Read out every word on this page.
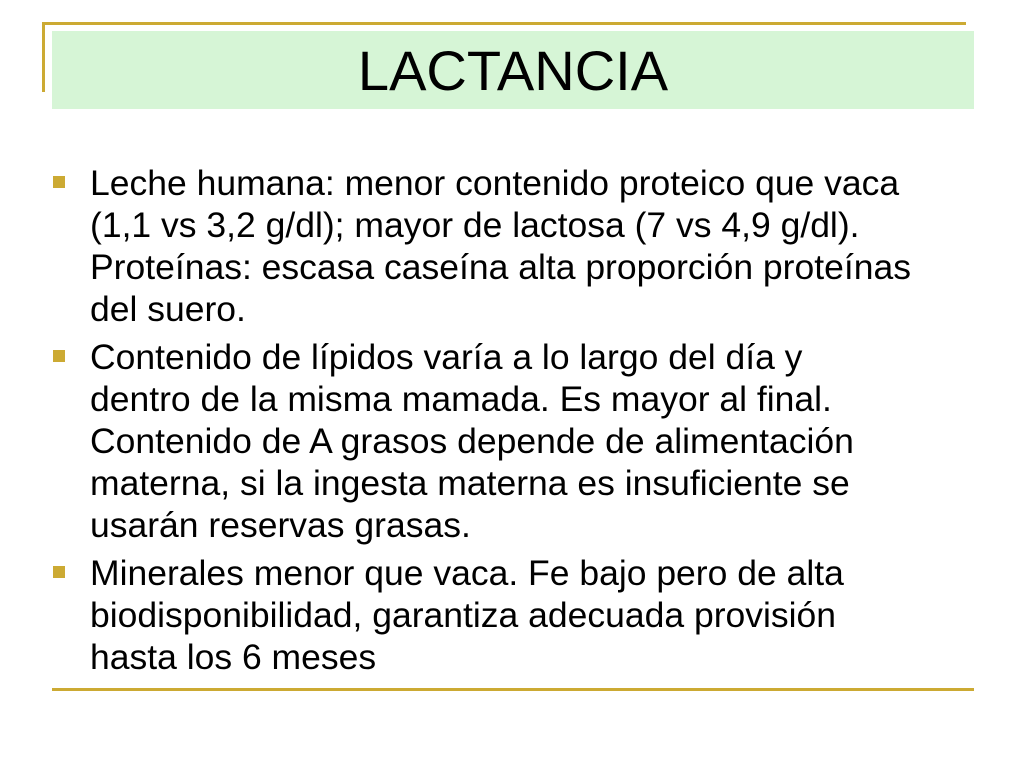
LACTANCIA
Leche humana: menor contenido proteico que vaca
(1,1 vs 3,2 g/dl); mayor de lactosa (7 vs 4,9 g/dl).
Proteínas: escasa caseína alta proporción proteínas
del suero.
Contenido de lípidos varía a lo largo del día y
dentro de la misma mamada. Es mayor al final.
Contenido de A grasos depende de alimentación
materna, si la ingesta materna es insuficiente se
usarán reservas grasas.
Minerales menor que vaca. Fe bajo pero de alta
biodisponibilidad, garantiza adecuada provisión
hasta los 6 meses
